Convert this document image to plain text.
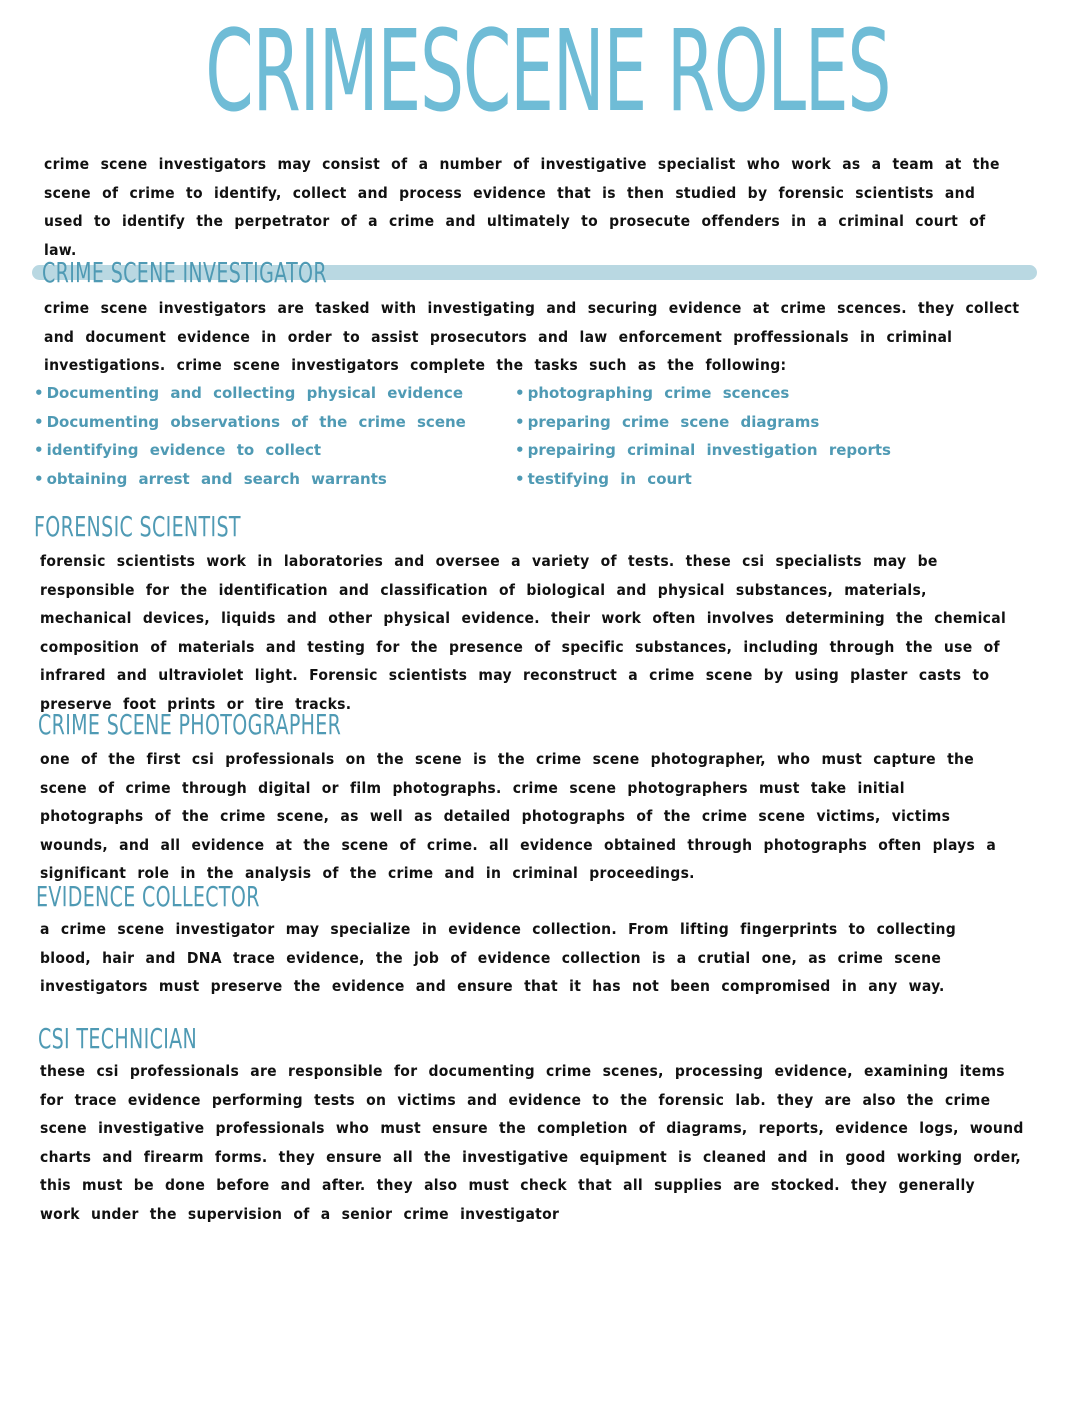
CRIMESCENE ROLES
crime scene investigators may consist of a number of investigative specialist who work as a team at the scene of crime to identify, collect and process evidence that is then studied by forensic scientists and used to identify the perpetrator of a crime and ultimately to prosecute offenders in a criminal court of law.
CRIME SCENE INVESTIGATOR
crime scene investigators are tasked with investigating and securing evidence at crime scences. they collect and document evidence in order to assist prosecutors and law enforcement proffessionals in criminal investigations. crime scene investigators complete the tasks such as the following:
• Documenting and collecting physical evidence
• Documenting observations of the crime scene
• identifying evidence to collect
• obtaining arrest and search warrants
• photographing crime scences
• preparing crime scene diagrams
• prepairing criminal investigation reports
• testifying in court
FORENSIC SCIENTIST
forensic scientists work in laboratories and oversee a variety of tests. these csi specialists may be responsible for the identification and classification of biological and physical substances, materials, mechanical devices, liquids and other physical evidence. their work often involves determining the chemical composition of materials and testing for the presence of specific substances, including through the use of infrared and ultraviolet light. Forensic scientists may reconstruct a crime scene by using plaster casts to preserve foot prints or tire tracks.
CRIME SCENE PHOTOGRAPHER
one of the first csi professionals on the scene is the crime scene photographer, who must capture the scene of crime through digital or film photographs. crime scene photographers must take initial photographs of the crime scene, as well as detailed photographs of the crime scene victims, victims wounds, and all evidence at the scene of crime. all evidence obtained through photographs often plays a significant role in the analysis of the crime and in criminal proceedings.
EVIDENCE COLLECTOR
a crime scene investigator may specialize in evidence collection. From lifting fingerprints to collecting blood, hair and DNA trace evidence, the job of evidence collection is a crutial one, as crime scene investigators must preserve the evidence and ensure that it has not been compromised in any way.
CSI TECHNICIAN
these csi professionals are responsible for documenting crime scenes, processing evidence, examining items for trace evidence performing tests on victims and evidence to the forensic lab. they are also the crime scene investigative professionals who must ensure the completion of diagrams, reports, evidence logs, wound charts and firearm forms. they ensure all the investigative equipment is cleaned and in good working order, this must be done before and after. they also must check that all supplies are stocked. they generally work under the supervision of a senior crime investigator
